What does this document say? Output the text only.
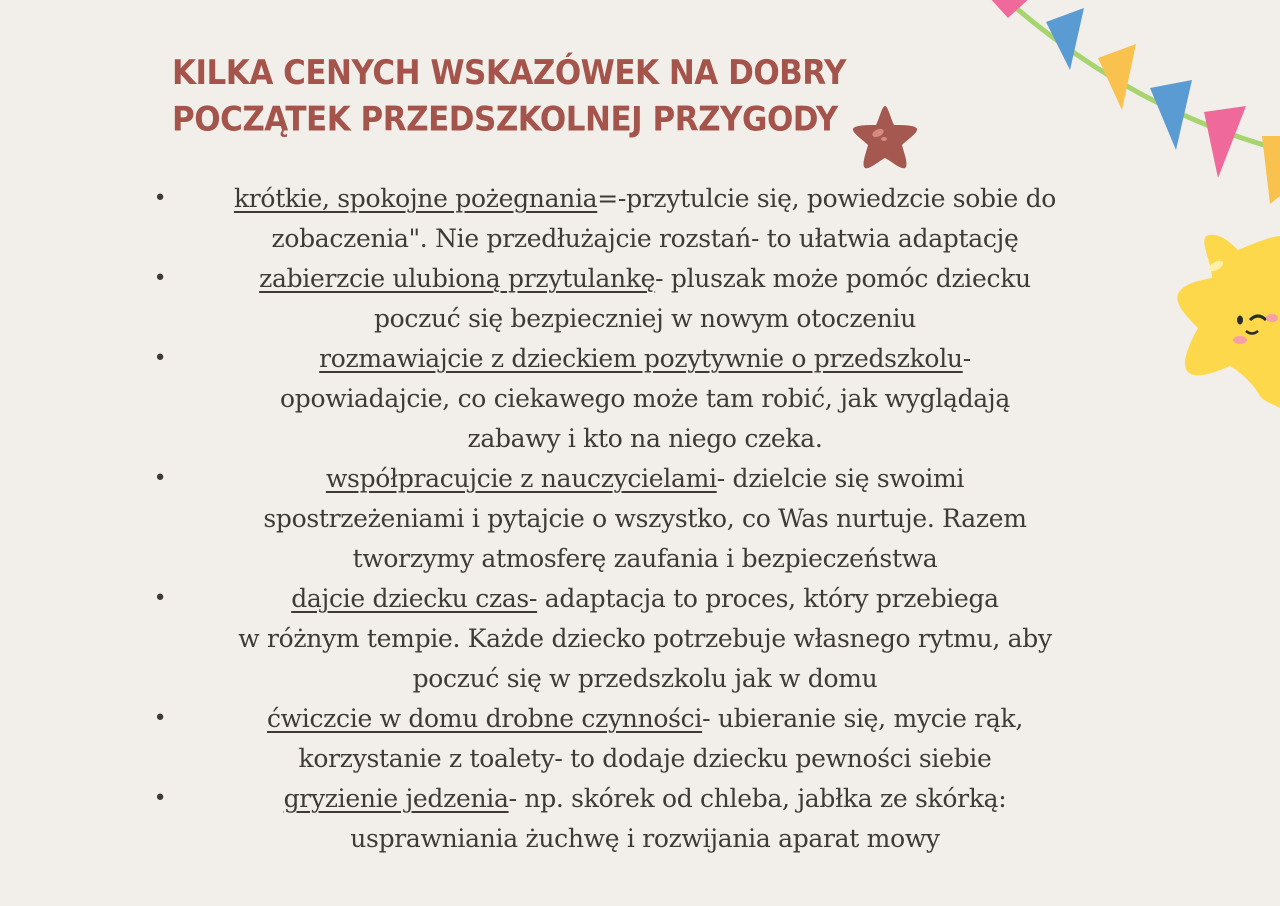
KILKA CENYCH WSKAZÓWEK NA DOBRY
POCZĄTEK PRZEDSZKOLNEJ PRZYGODY
•	krótkie, spokojne pożegnania=-przytulcie się, powiedzcie sobie do
zobaczenia". Nie przedłużajcie rozstań- to ułatwia adaptację
•	zabierzcie ulubioną przytulankę- pluszak może pomóc dziecku
poczuć się bezpieczniej w nowym otoczeniu
•	rozmawiajcie z dzieckiem pozytywnie o przedszkolu-
opowiadajcie, co ciekawego może tam robić, jak wyglądają
zabawy i kto na niego czeka.
•	współpracujcie z nauczycielami- dzielcie się swoimi
spostrzeżeniami i pytajcie o wszystko, co Was nurtuje. Razem
tworzymy atmosferę zaufania i bezpieczeństwa
•	dajcie dziecku czas- adaptacja to proces, który przebiega
w różnym tempie. Każde dziecko potrzebuje własnego rytmu, aby
poczuć się w przedszkolu jak w domu
•	ćwiczcie w domu drobne czynności- ubieranie się, mycie rąk,
korzystanie z toalety- to dodaje dziecku pewności siebie
•	gryzienie jedzenia- np. skórek od chleba, jabłka ze skórką:
usprawniania żuchwę i rozwijania aparat mowy
